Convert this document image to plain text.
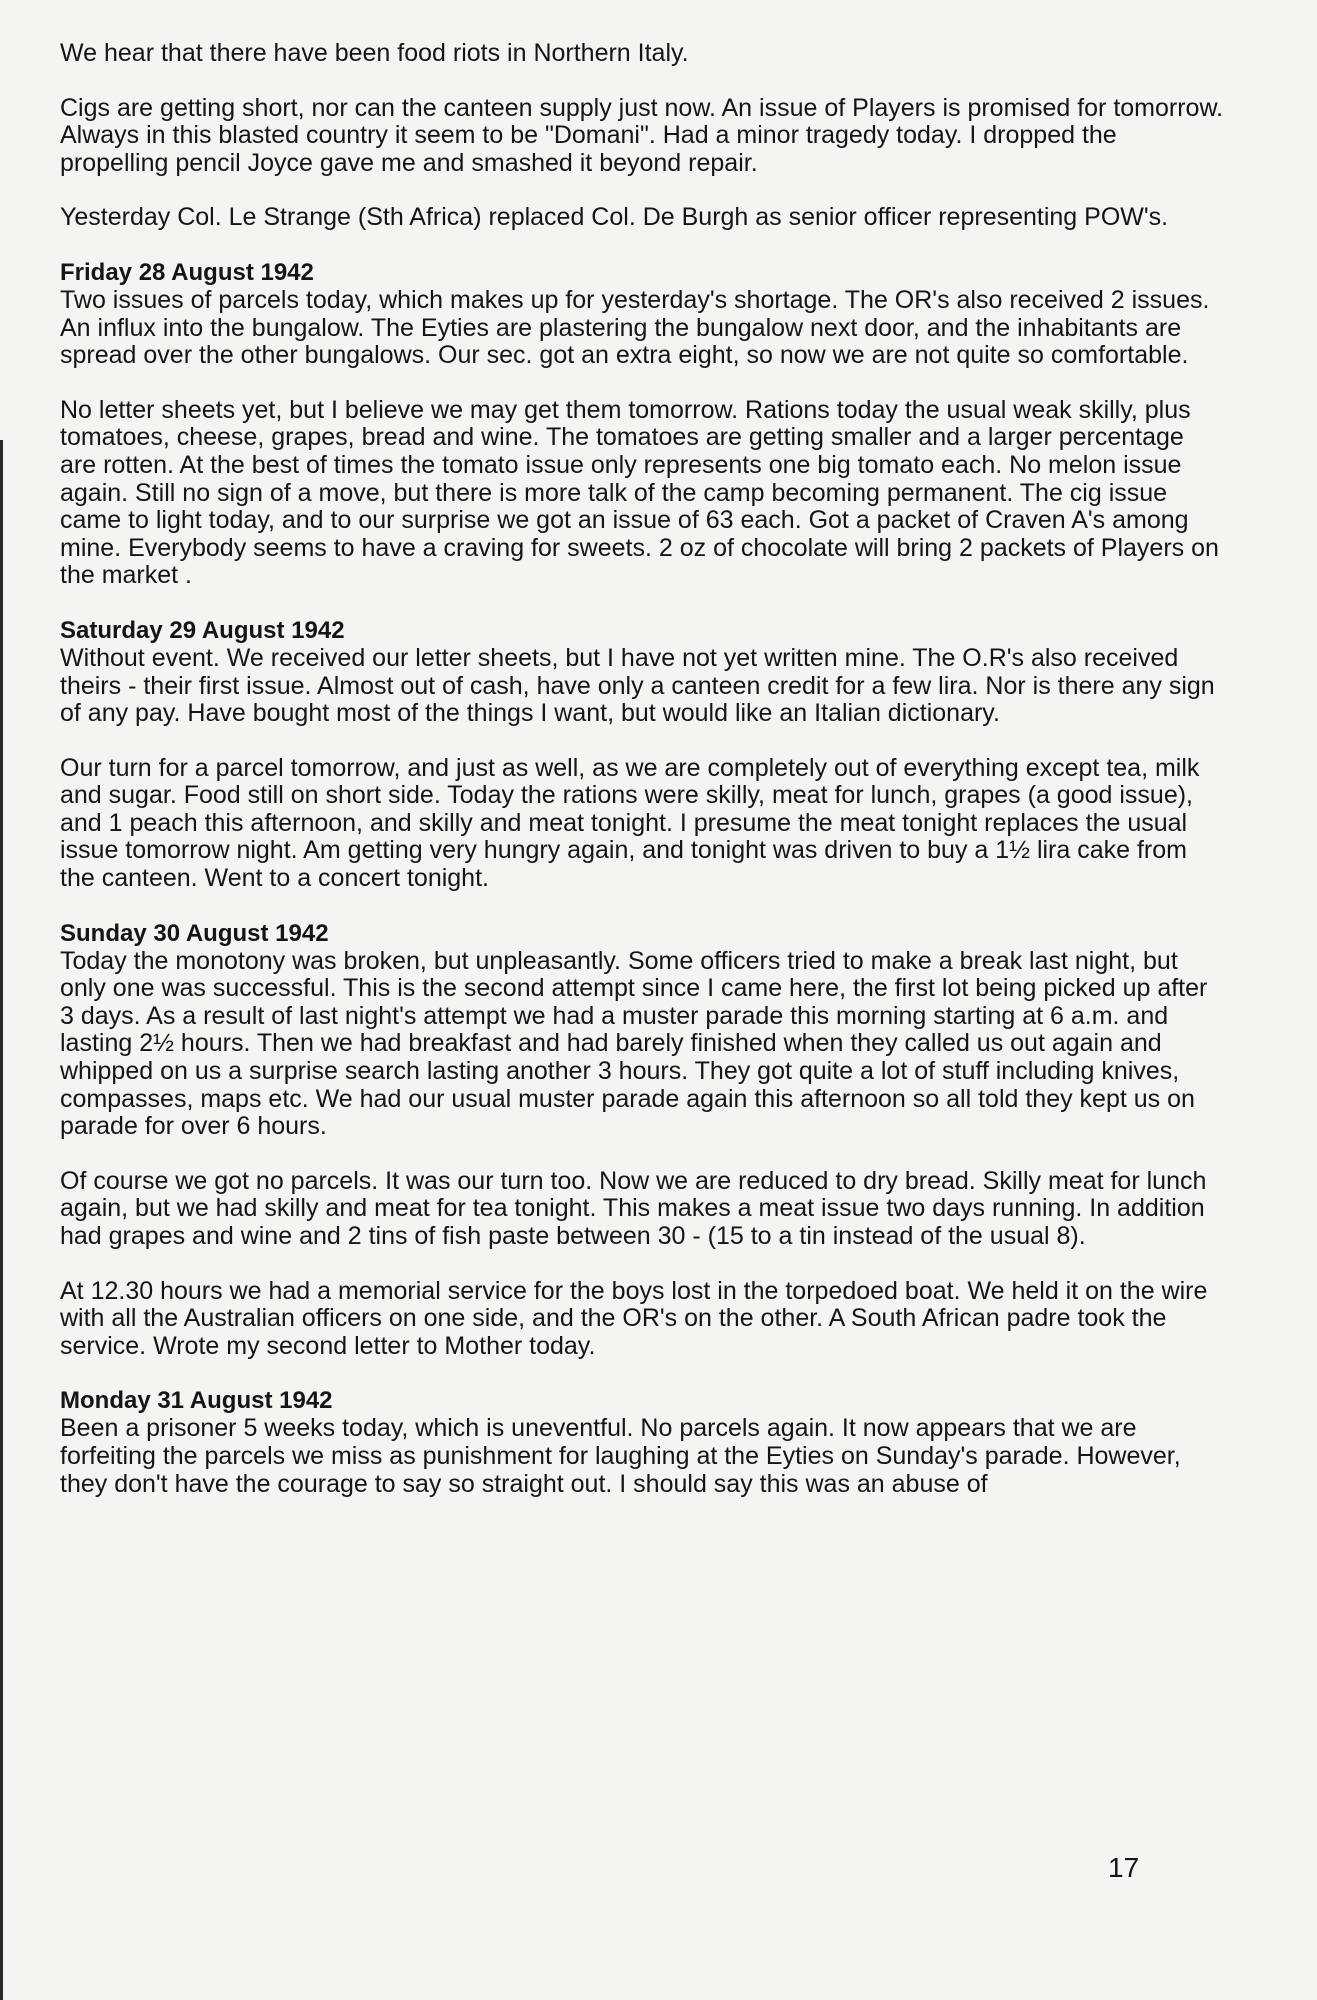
We hear that there have been food riots in Northern Italy.

Cigs are getting short, nor can the canteen supply just now. An issue of Players is promised for tomorrow. Always in this blasted country it seem to be "Domani". Had a minor tragedy today. I dropped the propelling pencil Joyce gave me and smashed it beyond repair.

Yesterday Col. Le Strange (Sth Africa) replaced Col. De Burgh as senior officer representing POW's.

Friday 28 August 1942

Two issues of parcels today, which makes up for yesterday's shortage. The OR's also received 2 issues. An influx into the bungalow. The Eyties are plastering the bungalow next door, and the inhabitants are spread over the other bungalows. Our sec. got an extra eight, so now we are not quite so comfortable.

No letter sheets yet, but I believe we may get them tomorrow. Rations today the usual weak skilly, plus tomatoes, cheese, grapes, bread and wine. The tomatoes are getting smaller and a larger percentage are rotten. At the best of times the tomato issue only represents one big tomato each. No melon issue again. Still no sign of a move, but there is more talk of the camp becoming permanent. The cig issue came to light today, and to our surprise we got an issue of 63 each. Got a packet of Craven A's among mine. Everybody seems to have a craving for sweets. 2 oz of chocolate will bring 2 packets of Players on the market .

Saturday 29 August 1942

Without event. We received our letter sheets, but I have not yet written mine. The O.R's also received theirs - their first issue. Almost out of cash, have only a canteen credit for a few lira. Nor is there any sign of any pay. Have bought most of the things I want, but would like an Italian dictionary.

Our turn for a parcel tomorrow, and just as well, as we are completely out of everything except tea, milk and sugar. Food still on short side. Today the rations were skilly, meat for lunch, grapes (a good issue), and 1 peach this afternoon, and skilly and meat tonight. I presume the meat tonight replaces the usual issue tomorrow night. Am getting very hungry again, and tonight was driven to buy a 1½ lira cake from the canteen. Went to a concert tonight.

Sunday 30 August 1942

Today the monotony was broken, but unpleasantly. Some officers tried to make a break last night, but only one was successful. This is the second attempt since I came here, the first lot being picked up after 3 days. As a result of last night's attempt we had a muster parade this morning starting at 6 a.m. and lasting 2½ hours. Then we had breakfast and had barely finished when they called us out again and whipped on us a surprise search lasting another 3 hours. They got quite a lot of stuff including knives, compasses, maps etc. We had our usual muster parade again this afternoon so all told they kept us on parade for over 6 hours.

Of course we got no parcels. It was our turn too. Now we are reduced to dry bread. Skilly meat for lunch again, but we had skilly and meat for tea tonight. This makes a meat issue two days running. In addition had grapes and wine and 2 tins of fish paste between 30 - (15 to a tin instead of the usual 8).

At 12.30 hours we had a memorial service for the boys lost in the torpedoed boat. We held it on the wire with all the Australian officers on one side, and the OR's on the other. A South African padre took the service. Wrote my second letter to Mother today.

Monday 31 August 1942

Been a prisoner 5 weeks today, which is uneventful. No parcels again. It now appears that we are forfeiting the parcels we miss as punishment for laughing at the Eyties on Sunday's parade. However, they don't have the courage to say so straight out. I should say this was an abuse of

17
